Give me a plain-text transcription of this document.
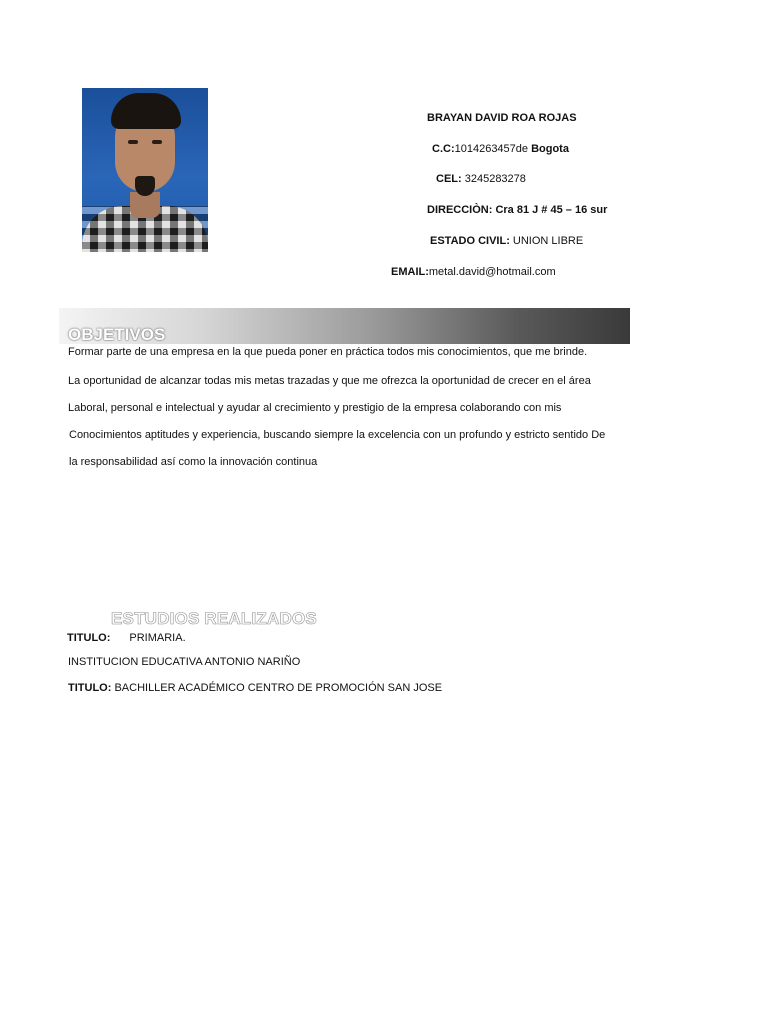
BRAYAN DAVID ROA ROJAS
C.C:1014263457de Bogota
CEL: 3245283278
DIRECCIÒN: Cra 81 J # 45 – 16 sur
ESTADO CIVIL: UNION LIBRE
EMAIL:metal.david@hotmail.com
OBJETIVOS
Formar parte de una empresa en la que pueda poner en práctica todos mis conocimientos, que me brinde.
La oportunidad de alcanzar todas mis metas trazadas y que me ofrezca la oportunidad de crecer en el área
Laboral, personal e intelectual y ayudar al crecimiento y prestigio de la empresa colaborando con mis
Conocimientos aptitudes y experiencia, buscando siempre la excelencia con un profundo y estricto sentido De
la responsabilidad así como la innovación continua
ESTUDIOS REALIZADOS
TITULO: PRIMARIA.
INSTITUCION EDUCATIVA ANTONIO NARIÑO
TITULO: BACHILLER ACADÉMICO CENTRO DE PROMOCIÓN SAN JOSE
